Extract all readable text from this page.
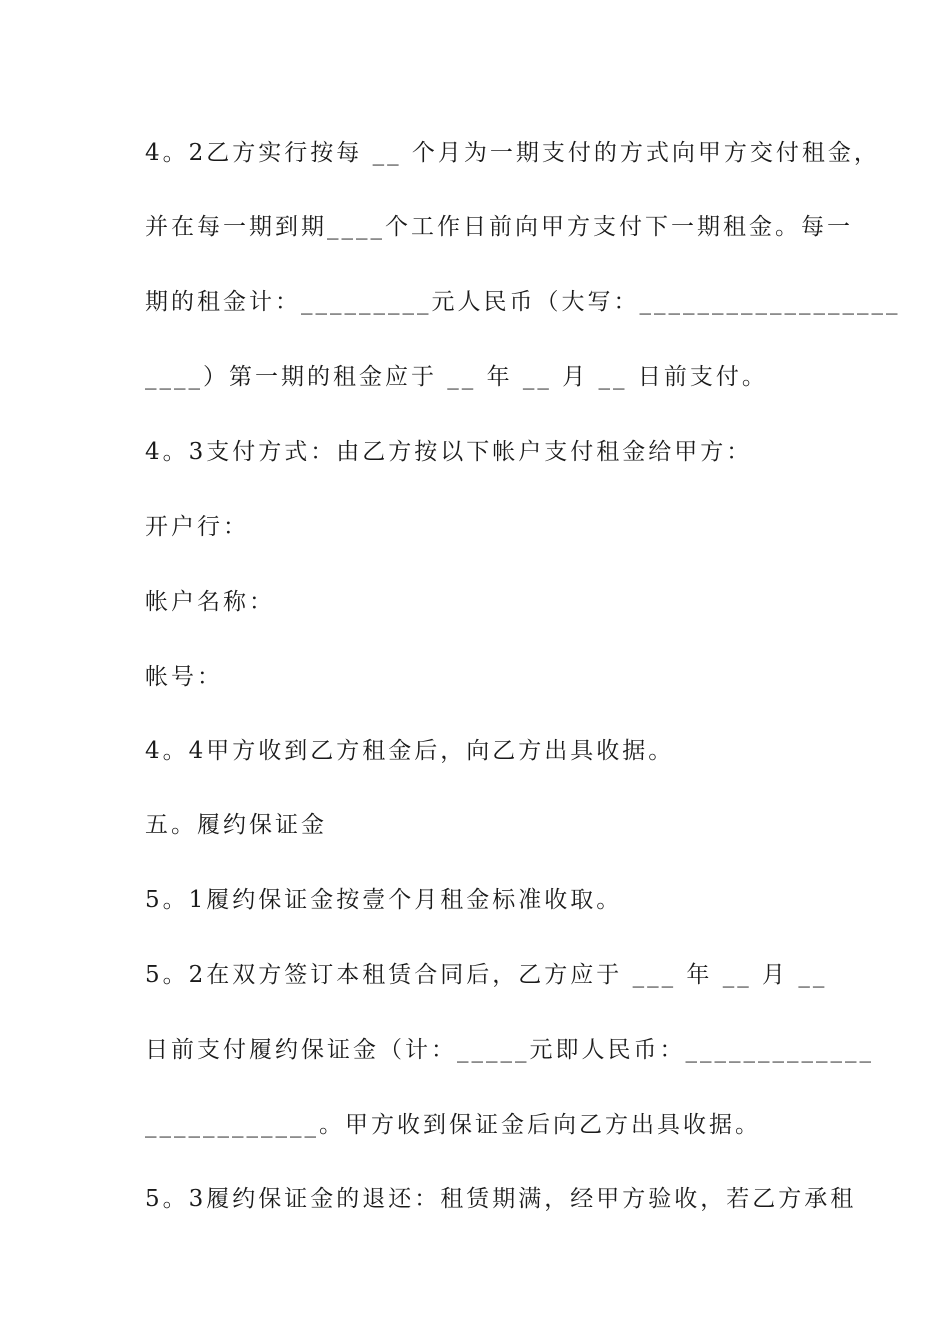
4。2乙方实行按每 __ 个月为一期支付的方式向甲方交付租金，
并在每一期到期____个工作日前向甲方支付下一期租金。每一
期的租金计：_________元人民币（大写：__________________
____）第一期的租金应于 __ 年 __ 月 __ 日前支付。
4。3支付方式：由乙方按以下帐户支付租金给甲方：
开户行：
帐户名称：
帐号：
4。4甲方收到乙方租金后，向乙方出具收据。
五。履约保证金
5。1履约保证金按壹个月租金标准收取。
5。2在双方签订本租赁合同后，乙方应于 ___ 年 __ 月 __
日前支付履约保证金（计：_____元即人民币：_____________
____________。甲方收到保证金后向乙方出具收据。
5。3履约保证金的退还：租赁期满，经甲方验收，若乙方承租
